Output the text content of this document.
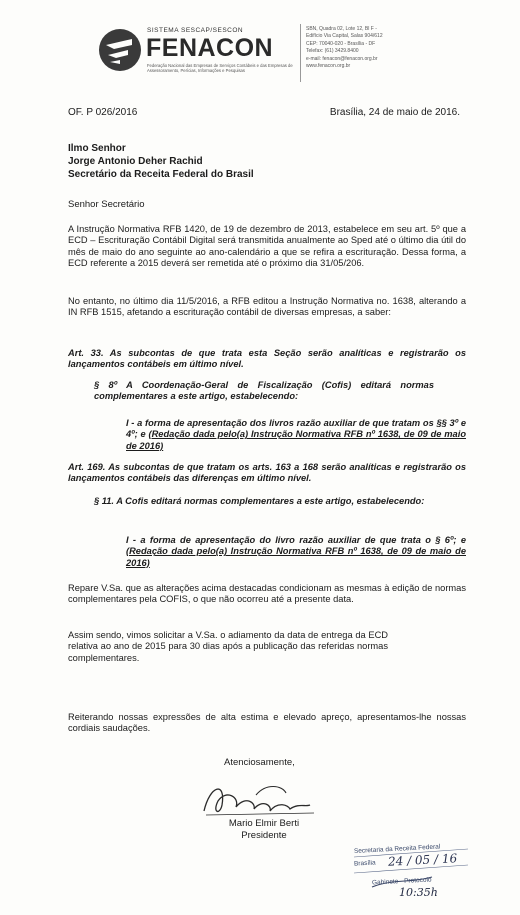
SISTEMA SESCAP/SESCON
FENACON
Federação Nacional das Empresas de Serviços Contábeis e das Empresas de Assessoramento, Perícias, Informações e Pesquisas
SBN, Quadra 02, Lote 12, Bl F -
Edifício Via Capital, Salas 904/612
CEP: 70040-020 - Brasília - DF
Telefax: (61) 3429.8400
e-mail: fenacon@fenacon.org.br
www.fenacon.org.br
OF. P 026/2016	Brasília, 24 de maio de 2016.
Ilmo Senhor
Jorge Antonio Deher Rachid
Secretário da Receita Federal do Brasil
Senhor Secretário
A Instrução Normativa RFB 1420, de 19 de dezembro de 2013, estabelece em seu art. 5º que a ECD – Escrituração Contábil Digital será transmitida anualmente ao Sped até o último dia útil do mês de maio do ano seguinte ao ano-calendário a que se refira a escrituração. Dessa forma, a ECD referente a 2015 deverá ser remetida até o próximo dia 31/05/206.
No entanto, no último dia 11/5/2016, a RFB editou a Instrução Normativa no. 1638, alterando a IN RFB 1515, afetando a escrituração contábil de diversas empresas, a saber:
Art. 33. As subcontas de que trata esta Seção serão analíticas e registrarão os lançamentos contábeis em último nível.
§ 8º A Coordenação-Geral de Fiscalização (Cofis) editará normas complementares a este artigo, estabelecendo:
I - a forma de apresentação dos livros razão auxiliar de que tratam os §§ 3º e 4º; e (Redação dada pelo(a) Instrução Normativa RFB nº 1638, de 09 de maio de 2016)
Art. 169. As subcontas de que tratam os arts. 163 a 168 serão analíticas e registrarão os lançamentos contábeis das diferenças em último nível.
§ 11. A Cofis editará normas complementares a este artigo, estabelecendo:
I - a forma de apresentação do livro razão auxiliar de que trata o § 6º; e (Redação dada pelo(a) Instrução Normativa RFB nº 1638, de 09 de maio de 2016)
Repare V.Sa. que as alterações acima destacadas condicionam as mesmas à edição de normas complementares pela COFIS, o que não ocorreu até a presente data.
Assim sendo, vimos solicitar a V.Sa. o adiamento da data de entrega da ECD relativa ao ano de 2015 para 30 dias após a publicação das referidas normas complementares.
Reiterando nossas expressões de alta estima e elevado apreço, apresentamos-lhe nossas cordiais saudações.
Atenciosamente,
Mario Elmir Berti
Presidente
Secretaria da Receita Federal
Brasília 24 / 05 / 16
Gabinete - Protocolo
10:35h
